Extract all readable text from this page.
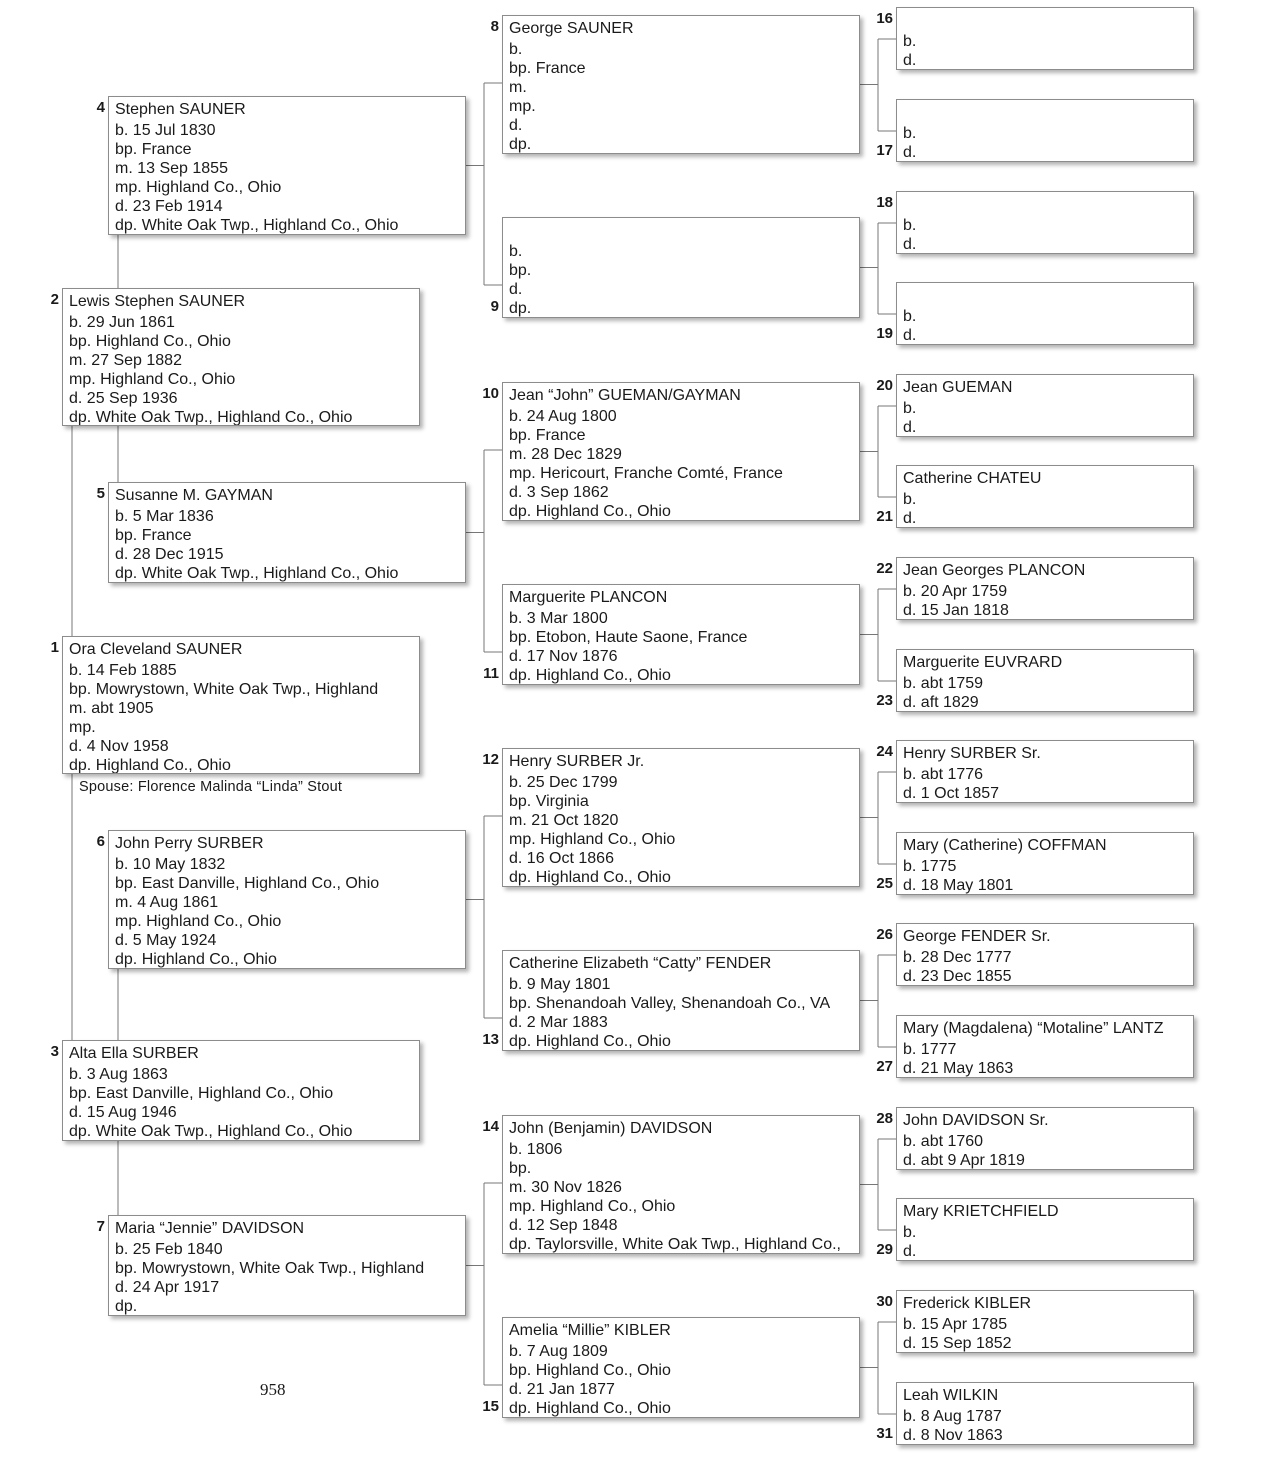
Spouse: Florence Malinda “Linda” Stout
958
Ora Cleveland SAUNER
b. 14 Feb 1885
bp. Mowrystown, White Oak Twp., Highland
m. abt 1905
mp.
d. 4 Nov 1958
dp. Highland Co., Ohio
1
Lewis Stephen SAUNER
b. 29 Jun 1861
bp. Highland Co., Ohio
m. 27 Sep 1882
mp. Highland Co., Ohio
d. 25 Sep 1936
dp. White Oak Twp., Highland Co., Ohio
2
Alta Ella SURBER
b. 3 Aug 1863
bp. East Danville, Highland Co., Ohio
d. 15 Aug 1946
dp. White Oak Twp., Highland Co., Ohio
3
Stephen SAUNER
b. 15 Jul 1830
bp. France
m. 13 Sep 1855
mp. Highland Co., Ohio
d. 23 Feb 1914
dp. White Oak Twp., Highland Co., Ohio
4
Susanne M. GAYMAN
b. 5 Mar 1836
bp. France
d. 28 Dec 1915
dp. White Oak Twp., Highland Co., Ohio
5
John Perry SURBER
b. 10 May 1832
bp. East Danville, Highland Co., Ohio
m. 4 Aug 1861
mp. Highland Co., Ohio
d. 5 May 1924
dp. Highland Co., Ohio
6
Maria “Jennie” DAVIDSON
b. 25 Feb 1840
bp. Mowrystown, White Oak Twp., Highland
d. 24 Apr 1917
dp.
7
George SAUNER
b.
bp. France
m.
mp.
d.
dp.
8
b.
bp.
d.
dp.
9
Jean “John” GUEMAN/GAYMAN
b. 24 Aug 1800
bp. France
m. 28 Dec 1829
mp. Hericourt, Franche Comté, France
d. 3 Sep 1862
dp. Highland Co., Ohio
10
Marguerite PLANCON
b. 3 Mar 1800
bp. Etobon, Haute Saone, France
d. 17 Nov 1876
dp. Highland Co., Ohio
11
Henry SURBER Jr.
b. 25 Dec 1799
bp. Virginia
m. 21 Oct 1820
mp. Highland Co., Ohio
d. 16 Oct 1866
dp. Highland Co., Ohio
12
Catherine Elizabeth “Catty” FENDER
b. 9 May 1801
bp. Shenandoah Valley, Shenandoah Co., VA
d. 2 Mar 1883
dp. Highland Co., Ohio
13
John (Benjamin) DAVIDSON
b. 1806
bp.
m. 30 Nov 1826
mp. Highland Co., Ohio
d. 12 Sep 1848
dp. Taylorsville, White Oak Twp., Highland Co.,
14
Amelia “Millie” KIBLER
b. 7 Aug 1809
bp. Highland Co., Ohio
d. 21 Jan 1877
dp. Highland Co., Ohio
15
b.
d.
16
b.
d.
17
b.
d.
18
b.
d.
19
Jean GUEMAN
b.
d.
20
Catherine CHATEU
b.
d.
21
Jean Georges PLANCON
b. 20 Apr 1759
d. 15 Jan 1818
22
Marguerite EUVRARD
b. abt 1759
d. aft 1829
23
Henry SURBER Sr.
b. abt 1776
d. 1 Oct 1857
24
Mary (Catherine) COFFMAN
b. 1775
d. 18 May 1801
25
George FENDER Sr.
b. 28 Dec 1777
d. 23 Dec 1855
26
Mary (Magdalena) “Motaline” LANTZ
b. 1777
d. 21 May 1863
27
John DAVIDSON Sr.
b. abt 1760
d. abt 9 Apr 1819
28
Mary KRIETCHFIELD
b.
d.
29
Frederick KIBLER
b. 15 Apr 1785
d. 15 Sep 1852
30
Leah WILKIN
b. 8 Aug 1787
d. 8 Nov 1863
31
